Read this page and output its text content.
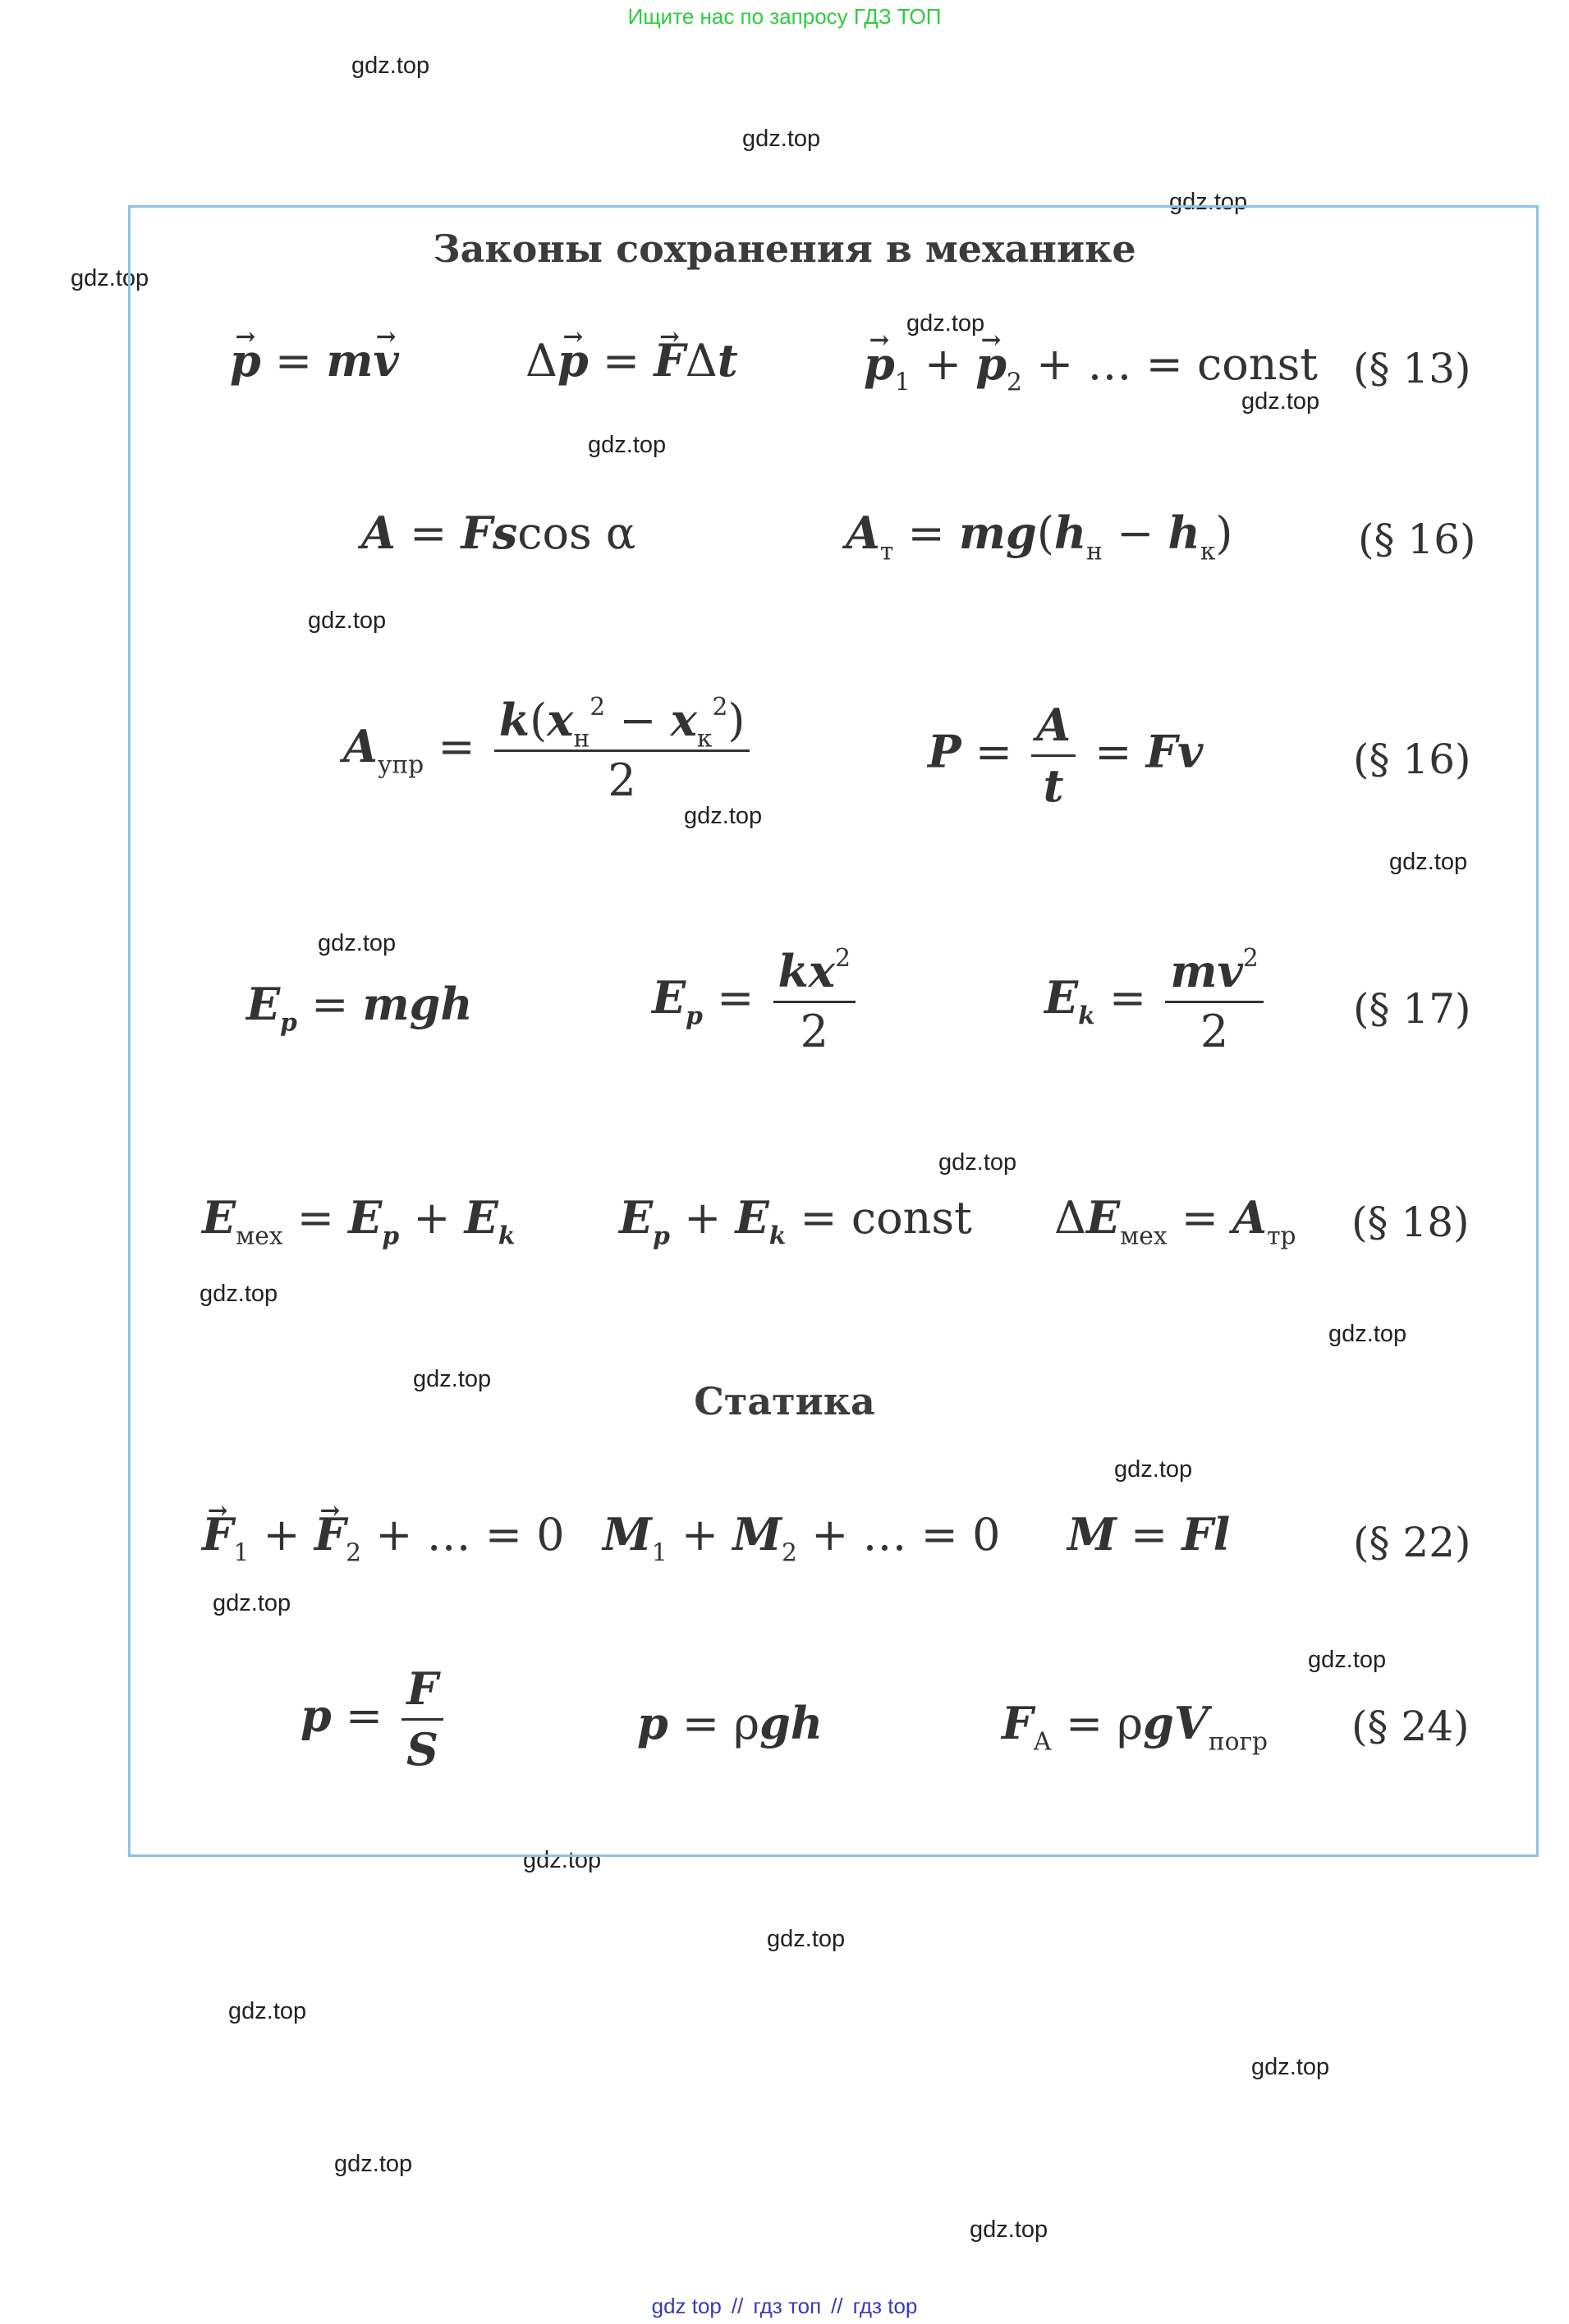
Ищите нас по запросу ГДЗ ТОП
gdz.top
gdz.top
gdz.top
gdz.top
gdz.top
gdz.top
gdz.top
gdz.top
gdz.top
gdz.top
gdz.top
gdz.top
gdz.top
gdz.top
gdz.top
gdz.top
gdz.top
gdz.top
gdz.top
gdz.top
gdz.top
gdz.top
gdz.top
gdz.top
Законы сохранения в механике
p → = mv →	Δp → = F →Δt	$p \to_1 + p \to_2$ + … = const (§ 13)
A = Fscos α	$A_т = mg(h_н - h_к)$	(§ 16)
$A_{упр} = \frac{k(x_н^2 - x_к^2)}{2}$	$P = \frac{A}{t} = Fv$	(§ 16)
$E_p$ = mgh	$E_p = \frac{kx^2}{2}$	$E_k = \frac{mv^2}{2}$ (§ 17)
$E_{мех} = E_p + E_k$ $E_p + E_k$ = const $\Delta E_{мех} = A_{тр}$ (§ 18)
Статика
$F \to_1 + F \to_2$ + … = 0 $M_1 + M_2$ + … = 0 M = Fl	(§ 22)
$p = \frac{F}{S}$	p = ρgh	$F_А = \rho gV_{погр}$ (§ 24)
gdz top // гдз топ // гдз top
